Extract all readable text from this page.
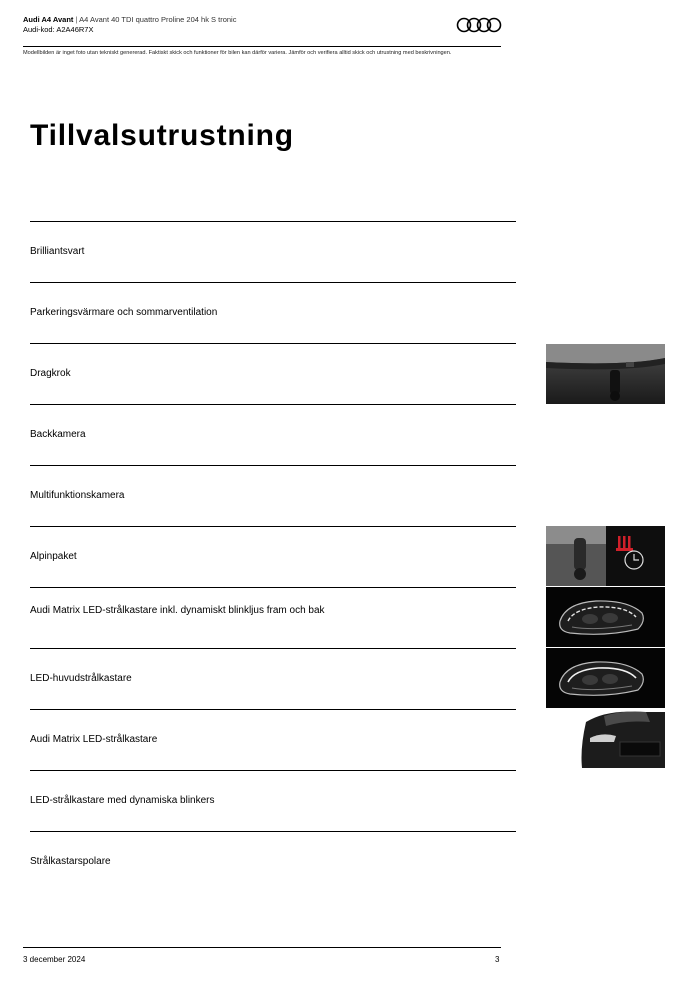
Audi A4 Avant | A4 Avant 40 TDI quattro Proline 204 hk S tronic
Audi-kod: A2A46R7X
Modellbilden är inget foto utan tekniskt genererad. Faktiskt skick och funktioner för bilen kan därför variera. Jämför och verifiera alltid skick och utrustning med beskrivningen.
Tillvalsutrustning
Brilliantsvart
Parkeringsvärmare och sommarventilation
Dragkrok
Backkamera
Multifunktionskamera
Alpinpaket
Audi Matrix LED-strålkastare inkl. dynamiskt blinkljus fram och bak
LED-huvudstrålkastare
Audi Matrix LED-strålkastare
LED-strålkastare med dynamiska blinkers
Strålkastarspolare
3 december 2024	3
